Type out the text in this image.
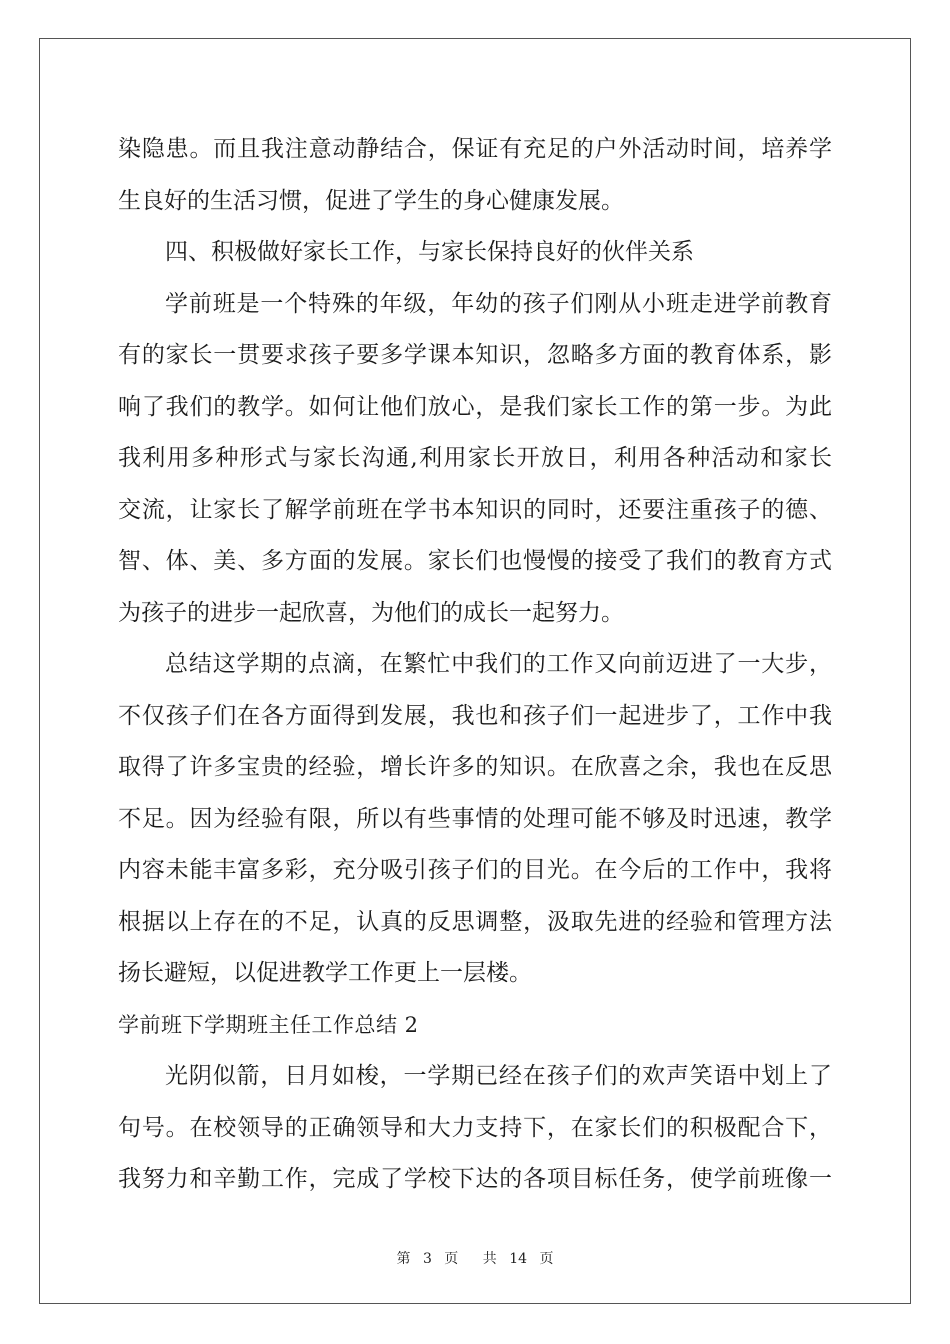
染隐患。而且我注意动静结合，保证有充足的户外活动时间，培养学
生良好的生活习惯，促进了学生的身心健康发展。
四、积极做好家长工作，与家长保持良好的伙伴关系
学前班是一个特殊的年级，年幼的孩子们刚从小班走进学前教育
有的家长一贯要求孩子要多学课本知识，忽略多方面的教育体系，影
响了我们的教学。如何让他们放心，是我们家长工作的第一步。为此
我利用多种形式与家长沟通,利用家长开放日，利用各种活动和家长
交流，让家长了解学前班在学书本知识的同时，还要注重孩子的德、
智、体、美、多方面的发展。家长们也慢慢的接受了我们的教育方式
为孩子的进步一起欣喜，为他们的成长一起努力。
总结这学期的点滴，在繁忙中我们的工作又向前迈进了一大步，
不仅孩子们在各方面得到发展，我也和孩子们一起进步了，工作中我
取得了许多宝贵的经验，增长许多的知识。在欣喜之余，我也在反思
不足。因为经验有限，所以有些事情的处理可能不够及时迅速，教学
内容未能丰富多彩，充分吸引孩子们的目光。在今后的工作中，我将
根据以上存在的不足，认真的反思调整，汲取先进的经验和管理方法
扬长避短，以促进教学工作更上一层楼。
学前班下学期班主任工作总结 2
光阴似箭，日月如梭，一学期已经在孩子们的欢声笑语中划上了
句号。在校领导的正确领导和大力支持下，在家长们的积极配合下，
我努力和辛勤工作，完成了学校下达的各项目标任务，使学前班像一
第 3 页 共 14 页
